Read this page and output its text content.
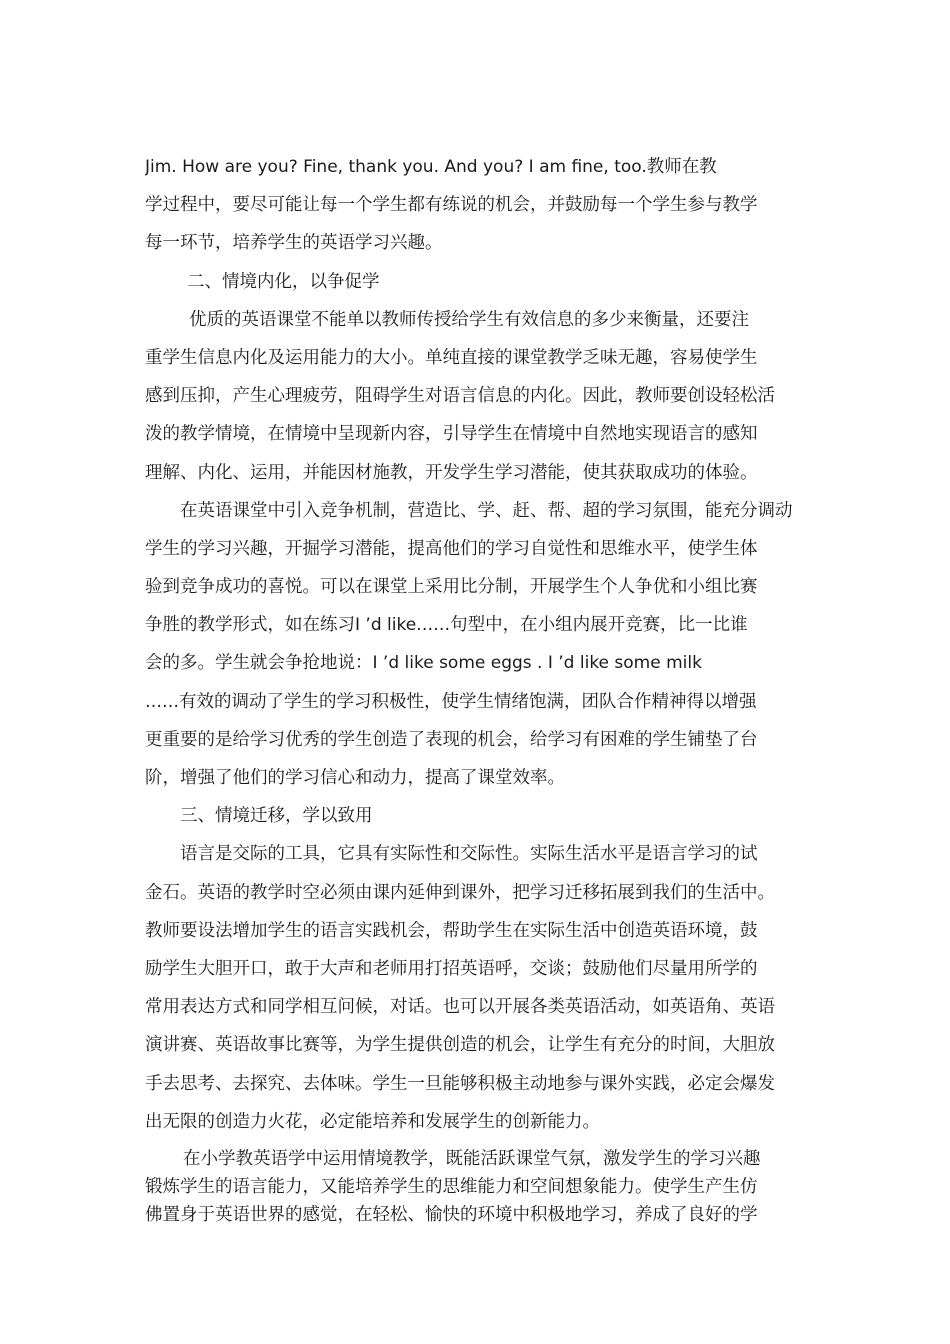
Jim. How are you? Fine, thank you. And you? I am fine, too.教师在教
学过程中，要尽可能让每一个学生都有练说的机会，并鼓励每一个学生参与教学
每一环节，培养学生的英语学习兴趣。
二、情境内化，以争促学
优质的英语课堂不能单以教师传授给学生有效信息的多少来衡量，还要注
重学生信息内化及运用能力的大小。单纯直接的课堂教学乏味无趣，容易使学生
感到压抑，产生心理疲劳，阻碍学生对语言信息的内化。因此，教师要创设轻松活
泼的教学情境，在情境中呈现新内容，引导学生在情境中自然地实现语言的感知
理解、内化、运用，并能因材施教，开发学生学习潜能，使其获取成功的体验。
在英语课堂中引入竞争机制，营造比、学、赶、帮、超的学习氛围，能充分调动
学生的学习兴趣，开掘学习潜能，提高他们的学习自觉性和思维水平，使学生体
验到竞争成功的喜悦。可以在课堂上采用比分制，开展学生个人争优和小组比赛
争胜的教学形式，如在练习I ’d like……句型中，在小组内展开竞赛，比一比谁
会的多。学生就会争抢地说：I ’d like some eggs . I ’d like some milk
……有效的调动了学生的学习积极性，使学生情绪饱满，团队合作精神得以增强
更重要的是给学习优秀的学生创造了表现的机会，给学习有困难的学生铺垫了台
阶，增强了他们的学习信心和动力，提高了课堂效率。
三、情境迁移，学以致用
语言是交际的工具，它具有实际性和交际性。实际生活水平是语言学习的试
金石。英语的教学时空必须由课内延伸到课外，把学习迁移拓展到我们的生活中。
教师要设法增加学生的语言实践机会，帮助学生在实际生活中创造英语环境，鼓
励学生大胆开口，敢于大声和老师用打招英语呼，交谈；鼓励他们尽量用所学的
常用表达方式和同学相互问候，对话。也可以开展各类英语活动，如英语角、英语
演讲赛、英语故事比赛等，为学生提供创造的机会，让学生有充分的时间，大胆放
手去思考、去探究、去体味。学生一旦能够积极主动地参与课外实践，必定会爆发
出无限的创造力火花，必定能培养和发展学生的创新能力。
在小学教英语学中运用情境教学，既能活跃课堂气氛，激发学生的学习兴趣
锻炼学生的语言能力，又能培养学生的思维能力和空间想象能力。使学生产生仿
佛置身于英语世界的感觉，在轻松、愉快的环境中积极地学习，养成了良好的学
